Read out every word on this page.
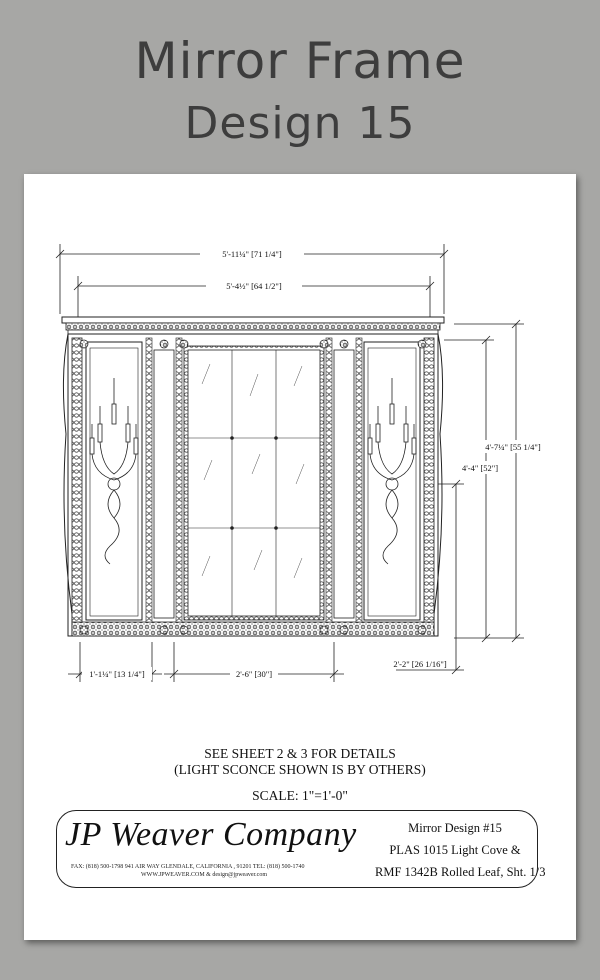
Mirror Frame
Design 15
5'-11¼" [71 1/4"]
5'-4½" [64 1/2"]
4'-7¼" [55 1/4"]
4'-4" [52"]
2'-2" [26 1/16"]
1'-1¼" [13 1/4"]	2'-6" [30"]
SEE SHEET 2 & 3 FOR DETAILS
(LIGHT SCONCE SHOWN IS BY OTHERS)
SCALE: 1"=1'-0"
JP Weaver Company
FAX: (818) 500-1798 941 AIR WAY GLENDALE, CALIFORNIA , 91201 TEL: (818) 500-1740
WWW.JPWEAVER.COM & design@jpweaver.com
Mirror Design #15
PLAS 1015 Light Cove &
RMF 1342B Rolled Leaf, Sht. 1/3
